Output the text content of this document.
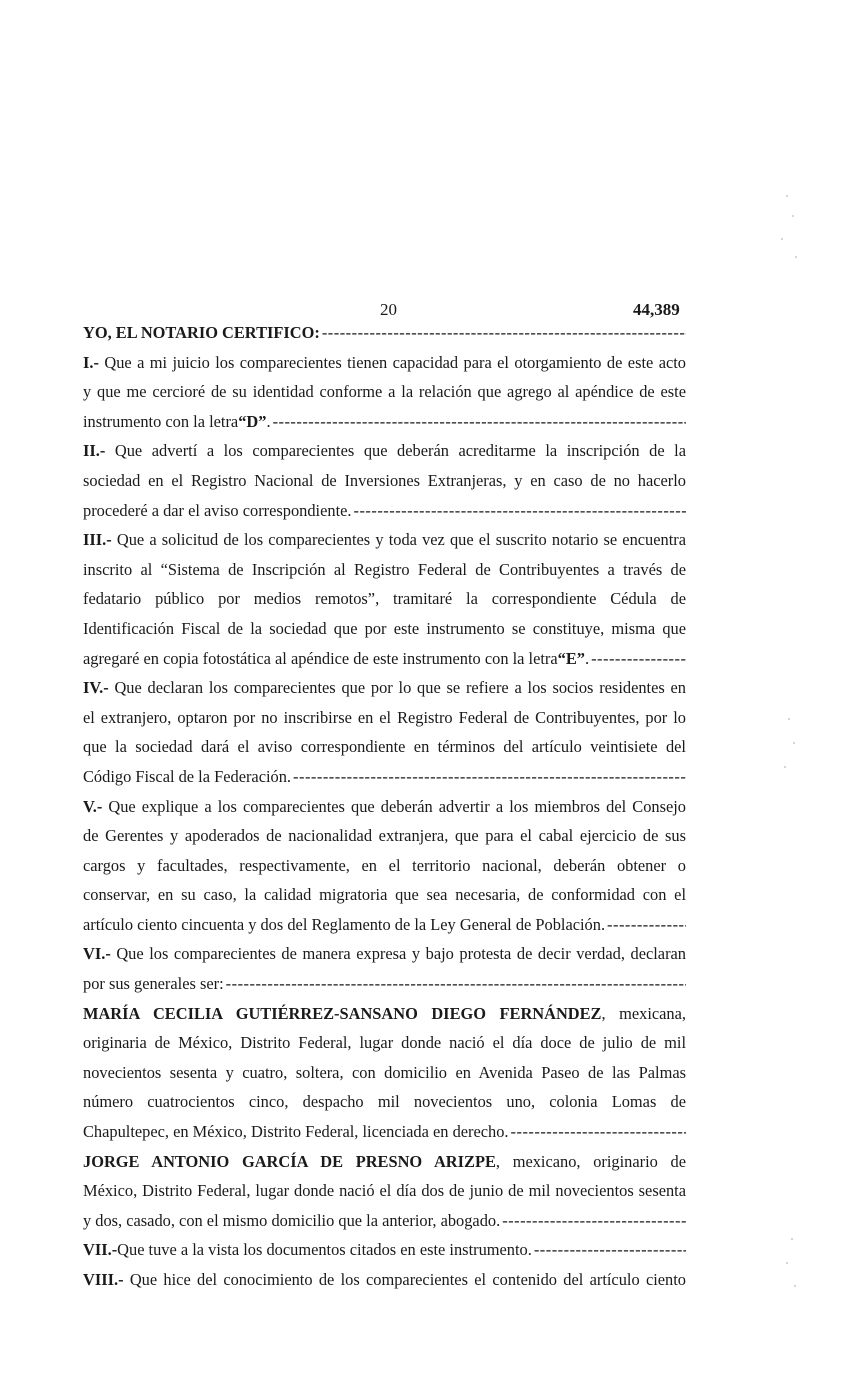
20	44,389
YO, EL NOTARIO CERTIFICO:
-----
I.- Que a mi juicio los comparecientes tienen capacidad para el otorgamiento de este acto
y que me cercioré de su identidad conforme a la relación que agrego al apéndice de este
instrumento con la letra “D” .
-----
II.- Que advertí a los comparecientes que deberán acreditarme la inscripción de la
sociedad en el Registro Nacional de Inversiones Extranjeras, y en caso de no hacerlo
procederé a dar el aviso correspondiente.
-----
III.- Que a solicitud de los comparecientes y toda vez que el suscrito notario se encuentra
inscrito al “Sistema de Inscripción al Registro Federal de Contribuyentes a través de
fedatario público por medios remotos”, tramitaré la correspondiente Cédula de
Identificación Fiscal de la sociedad que por este instrumento se constituye, misma que
agregaré en copia fotostática al apéndice de este instrumento con la letra “E” .
-----
IV.- Que declaran los comparecientes que por lo que se refiere a los socios residentes en
el extranjero, optaron por no inscribirse en el Registro Federal de Contribuyentes, por lo
que la sociedad dará el aviso correspondiente en términos del artículo veintisiete del
Código Fiscal de la Federación.
-----
V.- Que explique a los comparecientes que deberán advertir a los miembros del Consejo
de Gerentes y apoderados de nacionalidad extranjera, que para el cabal ejercicio de sus
cargos y facultades, respectivamente, en el territorio nacional, deberán obtener o
conservar, en su caso, la calidad migratoria que sea necesaria, de conformidad con el
artículo ciento cincuenta y dos del Reglamento de la Ley General de Población.
-----
VI.- Que los comparecientes de manera expresa y bajo protesta de decir verdad, declaran
por sus generales ser:
-----
MARÍA CECILIA GUTIÉRREZ-SANSANO DIEGO FERNÁNDEZ, mexicana,
originaria de México, Distrito Federal, lugar donde nació el día doce de julio de mil
novecientos sesenta y cuatro, soltera, con domicilio en Avenida Paseo de las Palmas
número cuatrocientos cinco, despacho mil novecientos uno, colonia Lomas de
Chapultepec, en México, Distrito Federal, licenciada en derecho.
-----
JORGE ANTONIO GARCÍA DE PRESNO ARIZPE, mexicano, originario de
México, Distrito Federal, lugar donde nació el día dos de junio de mil novecientos sesenta
y dos, casado, con el mismo domicilio que la anterior, abogado.
-----
VII.- Que tuve a la vista los documentos citados en este instrumento.
-----
VIII.- Que hice del conocimiento de los comparecientes el contenido del artículo ciento
